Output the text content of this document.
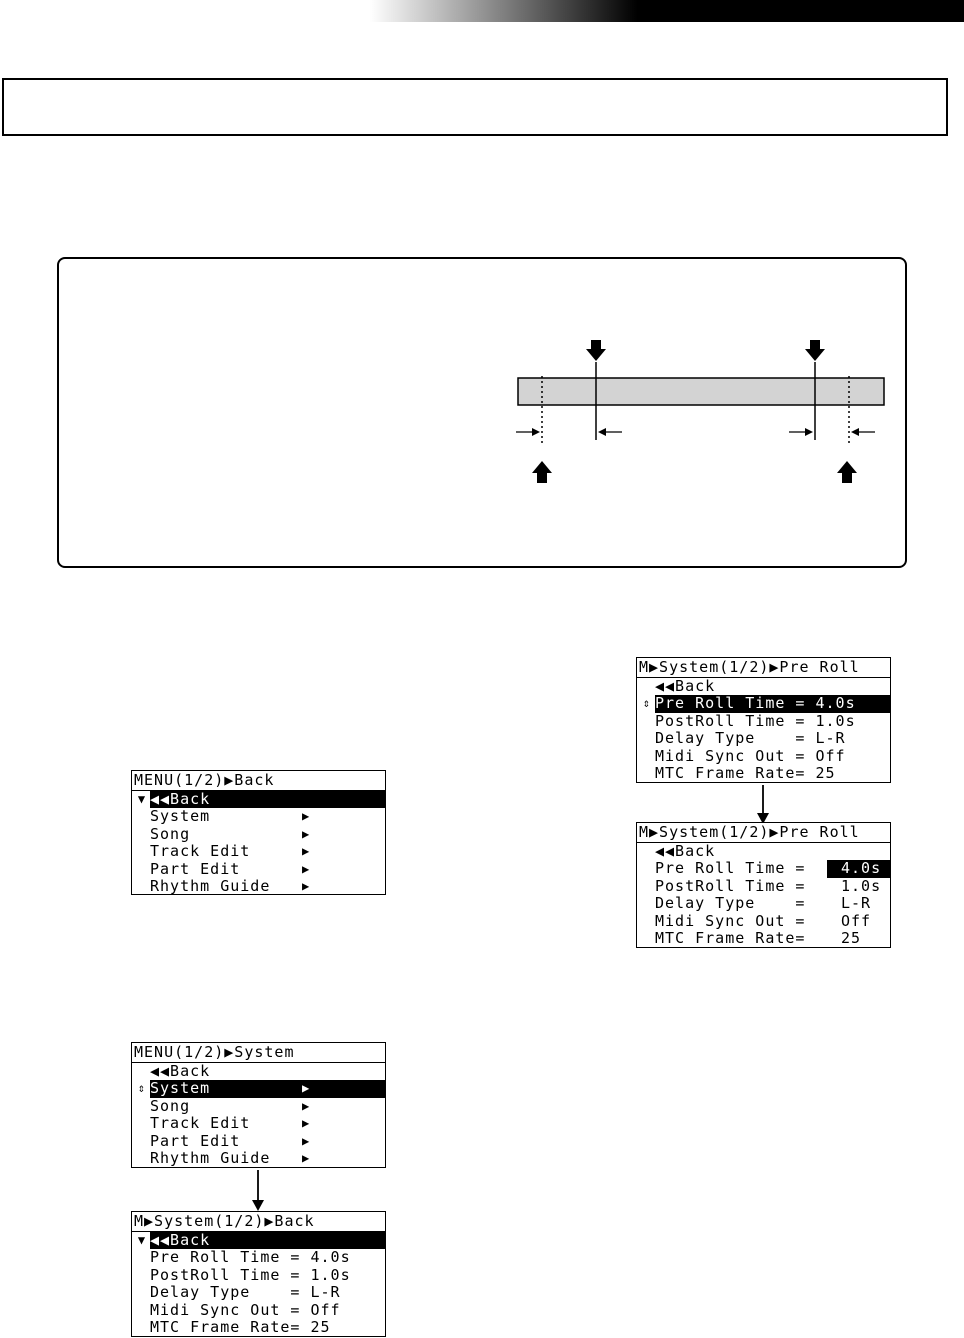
MENU(1/2)▶Back
▼ ◀◀Back
System	▶
Song	▶
Track Edit	▶
Part Edit	▶
Rhythm Guide	▶
MENU(1/2)▶System
◀◀Back
⇕ System	▶
Song	▶
Track Edit	▶
Part Edit	▶
Rhythm Guide	▶
M▶System(1/2)▶Back
▼ ◀◀Back
Pre Roll Time = 4.0s
PostRoll Time = 1.0s
Delay Type    = L-R
Midi Sync Out = Off
MTC Frame Rate= 25
M▶System(1/2)▶Pre Roll
◀◀Back
⇕ Pre Roll Time = 4.0s
PostRoll Time = 1.0s
Delay Type    = L-R
Midi Sync Out = Off
MTC Frame Rate= 25
M▶System(1/2)▶Pre Roll
◀◀Back
Pre Roll Time =	4.0s
PostRoll Time = 1.0s
Delay Type    = L-R
Midi Sync Out = Off
MTC Frame Rate= 25
